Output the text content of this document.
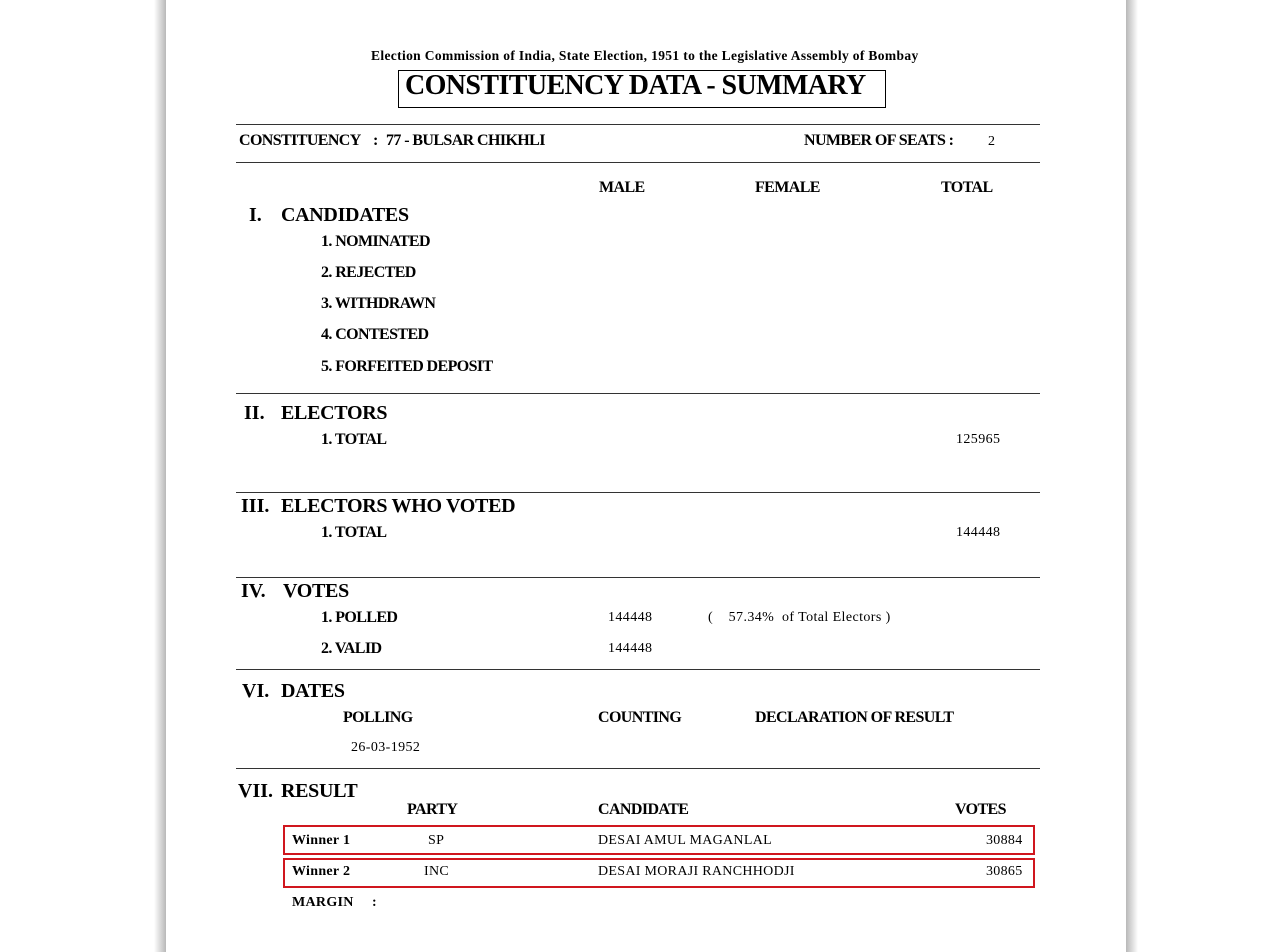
Election Commission of India, State Election, 1951 to the Legislative Assembly of Bombay
CONSTITUENCY DATA - SUMMARY
CONSTITUENCY : 77 - BULSAR CHIKHLI	NUMBER OF SEATS : 2
MALE	FEMALE	TOTAL
I. CANDIDATES
1. NOMINATED
2. REJECTED
3. WITHDRAWN
4. CONTESTED
5. FORFEITED DEPOSIT
II. ELECTORS
1. TOTAL	125965
III. ELECTORS WHO VOTED
1. TOTAL	144448
IV. VOTES
1. POLLED	144448	(    57.34%  of Total Electors )
2. VALID	144448
VI. DATES
POLLING	COUNTING	DECLARATION OF RESULT
26-03-1952
VII. RESULT
PARTY	CANDIDATE	VOTES
Winner 1	SP	DESAI AMUL MAGANLAL	30884
Winner 2	INC	DESAI MORAJI RANCHHODJI	30865
MARGIN :
